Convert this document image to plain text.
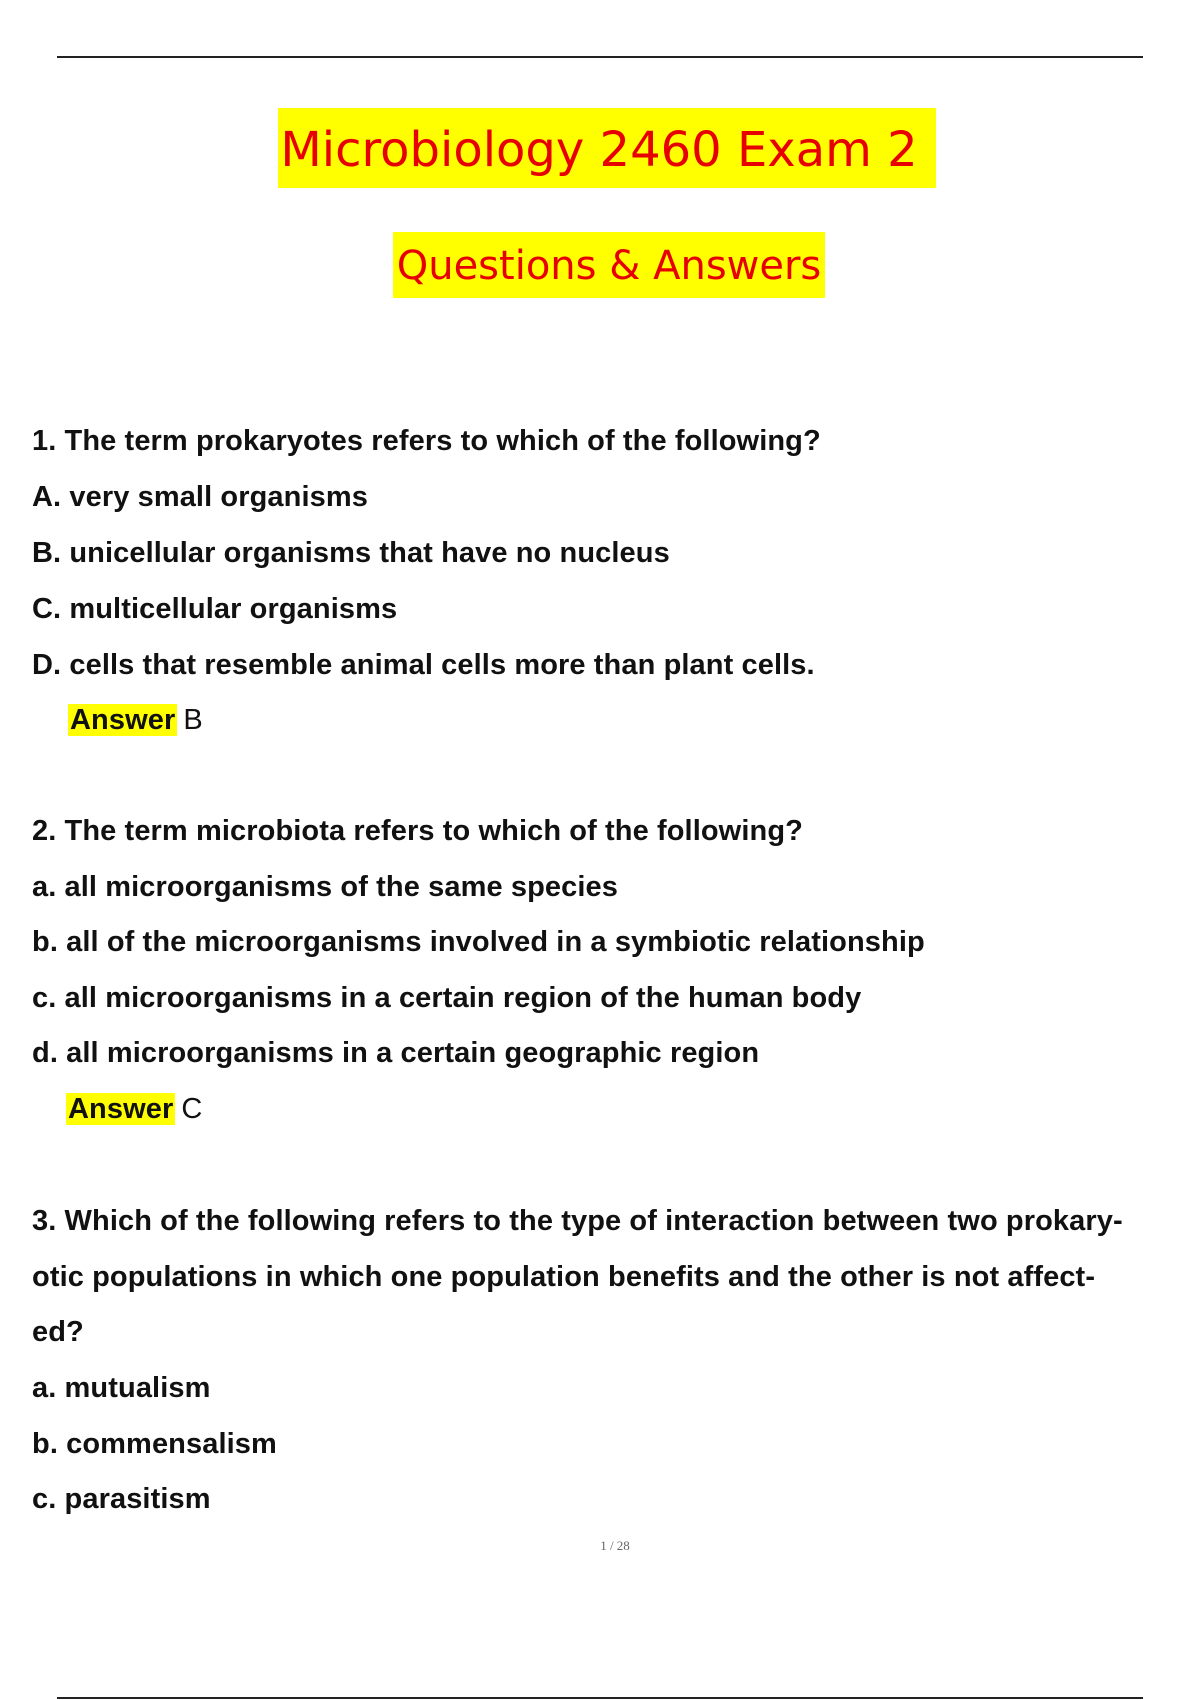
Microbiology 2460 Exam 2
Questions & Answers
1. The term prokaryotes refers to which of the following?
A. very small organisms
B. unicellular organisms that have no nucleus
C. multicellular organisms
D. cells that resemble animal cells more than plant cells.
Answer B
2. The term microbiota refers to which of the following?
a. all microorganisms of the same species
b. all of the microorganisms involved in a symbiotic relationship
c. all microorganisms in a certain region of the human body
d. all microorganisms in a certain geographic region
Answer C
3. Which of the following refers to the type of interaction between two prokary-
otic populations in which one population benefits and the other is not affect-
ed?
a. mutualism
b. commensalism
c. parasitism
1 / 28
